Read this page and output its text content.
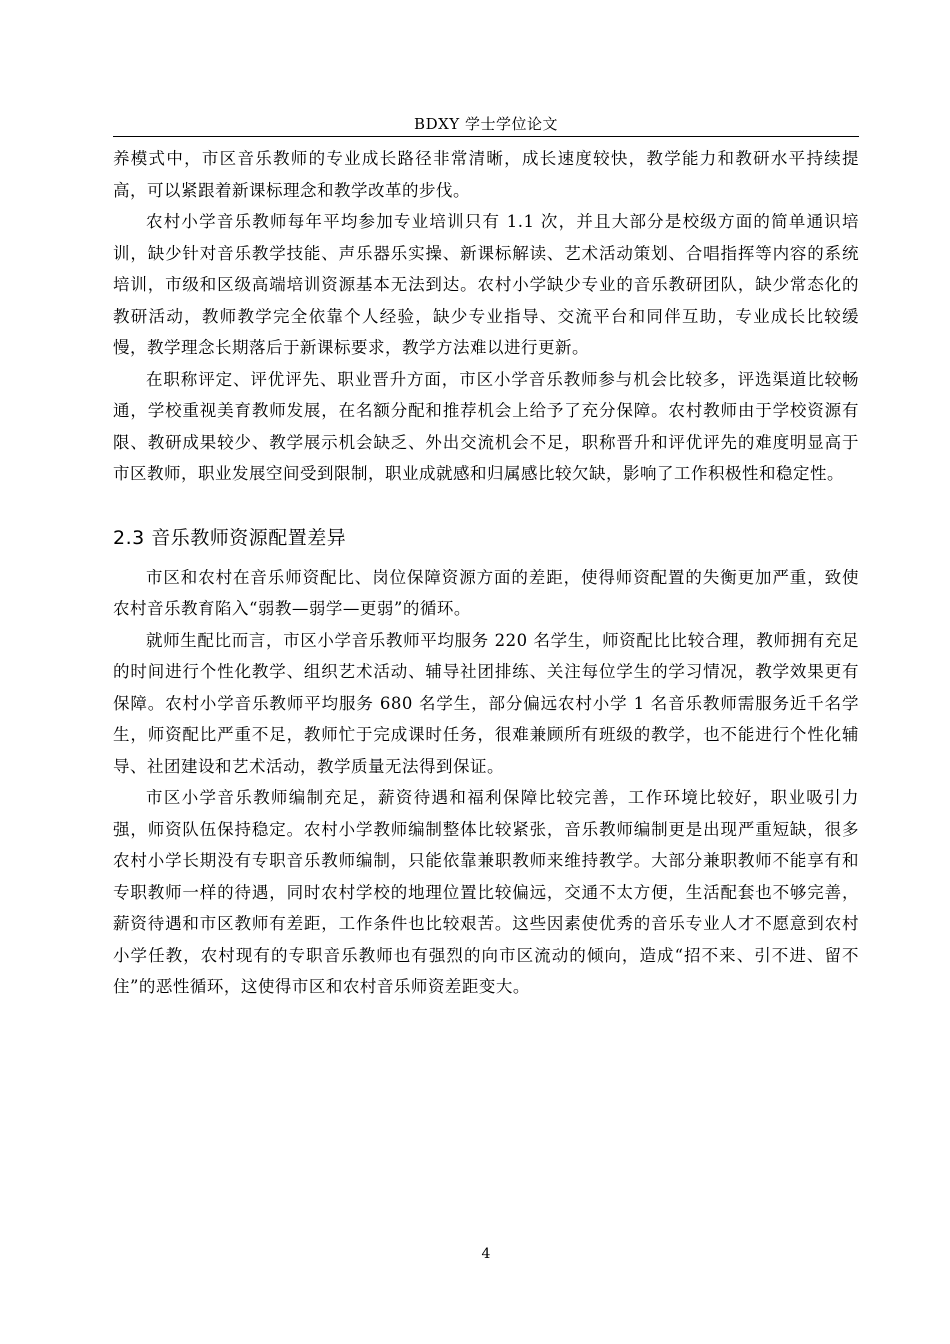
BDXY 学士学位论文

养模式中，市区音乐教师的专业成长路径非常清晰，成长速度较快，教学能力和教研水平持续提高，可以紧跟着新课标理念和教学改革的步伐。

农村小学音乐教师每年平均参加专业培训只有 1.1 次，并且大部分是校级方面的简单通识培训，缺少针对音乐教学技能、声乐器乐实操、新课标解读、艺术活动策划、合唱指挥等内容的系统培训，市级和区级高端培训资源基本无法到达。农村小学缺少专业的音乐教研团队，缺少常态化的教研活动，教师教学完全依靠个人经验，缺少专业指导、交流平台和同伴互助，专业成长比较缓慢，教学理念长期落后于新课标要求，教学方法难以进行更新。

在职称评定、评优评先、职业晋升方面，市区小学音乐教师参与机会比较多，评选渠道比较畅通，学校重视美育教师发展，在名额分配和推荐机会上给予了充分保障。农村教师由于学校资源有限、教研成果较少、教学展示机会缺乏、外出交流机会不足，职称晋升和评优评先的难度明显高于市区教师，职业发展空间受到限制，职业成就感和归属感比较欠缺，影响了工作积极性和稳定性。

2.3 音乐教师资源配置差异

市区和农村在音乐师资配比、岗位保障资源方面的差距，使得师资配置的失衡更加严重，致使农村音乐教育陷入“弱教—弱学—更弱”的循环。

就师生配比而言，市区小学音乐教师平均服务 220 名学生，师资配比比较合理，教师拥有充足的时间进行个性化教学、组织艺术活动、辅导社团排练、关注每位学生的学习情况，教学效果更有保障。农村小学音乐教师平均服务 680 名学生，部分偏远农村小学 1 名音乐教师需服务近千名学生，师资配比严重不足，教师忙于完成课时任务，很难兼顾所有班级的教学，也不能进行个性化辅导、社团建设和艺术活动，教学质量无法得到保证。

市区小学音乐教师编制充足，薪资待遇和福利保障比较完善，工作环境比较好，职业吸引力强，师资队伍保持稳定。农村小学教师编制整体比较紧张，音乐教师编制更是出现严重短缺，很多农村小学长期没有专职音乐教师编制，只能依靠兼职教师来维持教学。大部分兼职教师不能享有和专职教师一样的待遇，同时农村学校的地理位置比较偏远，交通不太方便，生活配套也不够完善，薪资待遇和市区教师有差距，工作条件也比较艰苦。这些因素使优秀的音乐专业人才不愿意到农村小学任教，农村现有的专职音乐教师也有强烈的向市区流动的倾向，造成“招不来、引不进、留不住”的恶性循环，这使得市区和农村音乐师资差距变大。

4
